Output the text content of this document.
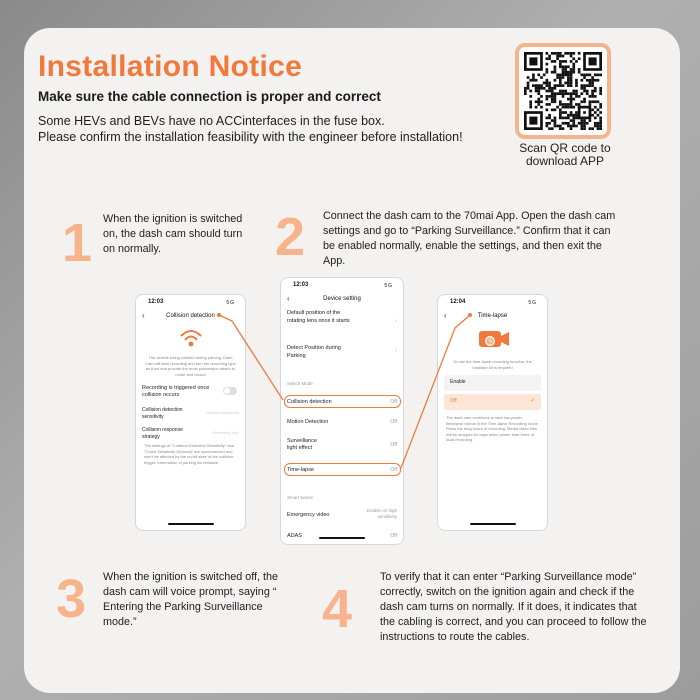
Installation Notice
Make sure the cable connection is proper and correct
Some HEVs and BEVs have no ACCinterfaces in the fuse box.
Please confirm the installation feasibility with the engineer before installation!
Scan QR code to
download APP
1 When the ignition is switched on, the dash cam should turn on normally.	2 Connect the dash cam to the 70mai App. Open the dash cam settings and go to “Parking Surveillance.” Confirm that it can be enabled normally, enable the settings, and then exit the App.
3 When the ignition is switched off, the dash cam will voice prompt, saying “ Entering the Parking Surveillance mode.”	4
To verify that it can enter “Parking Surveillance mode” correctly, switch on the ignition again and check if the dash cam turns on normally. If it does, it indicates that the cabling is correct, and you can proceed to follow the instructions to route the cables.
12:03	5G
‹	Collision detection
The vehicle being collided during parking. Dash Cam will start recording and turn the recording type as front and provide the most possession attach to mode and record
Recording is triggered once collision occurs
Collision detection sensitivity
Medium sensitivity
Collision response strategy
Recording only
The settings of “Collision Detection Sensitivity” and “Crash Sensitivity (Normal)” are synchronized and won't be affected by the on/off state of the collision trigger. Information of parking surveillance.
12:03	5G
‹	Device setting
Default position of the rotating lens once it starts	›
Detect Position during Parking
›
Switch Mode
Collision detection	Off
Motion Detection	Off
Surveillance light effect	Off
Time-lapse	Off
Smart Sense
Emergency video
Enable on high sensitivity
ADAS	Off
12:04	5G
‹	Time-lapse
To use the time-lapse recording function, the hardwire kit is required
Enable
Off	✓
The dash cam continues to take low-power timelapse videos in the Time-lapse Recording mode. Press the blog hours of recording. Media video files will be stopped for days when power than three of local recording.
